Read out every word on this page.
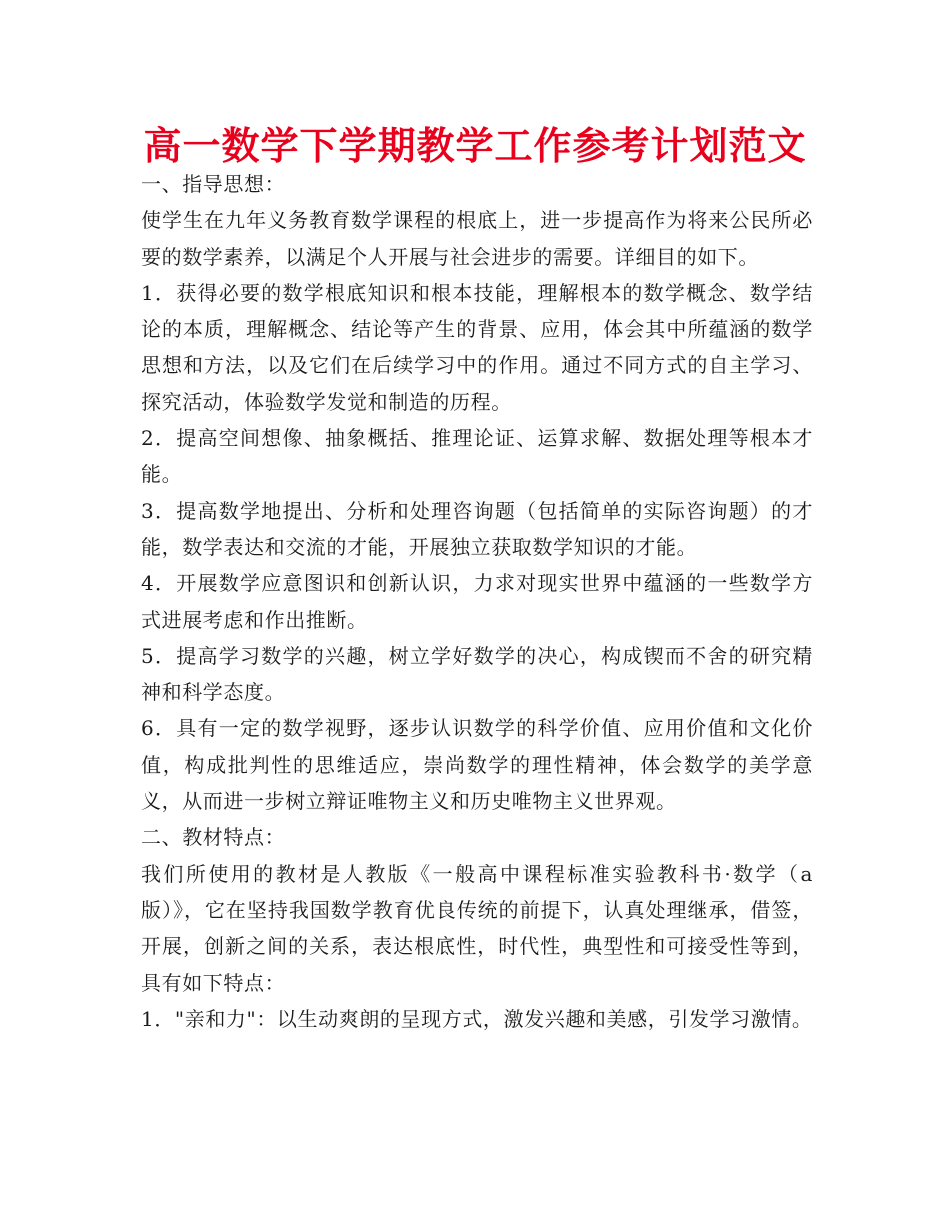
高一数学下学期教学工作参考计划范文

一、指导思想：

使学生在九年义务教育数学课程的根底上，进一步提高作为将来公民所必要的数学素养，以满足个人开展与社会进步的需要。详细目的如下。

1．获得必要的数学根底知识和根本技能，理解根本的数学概念、数学结论的本质，理解概念、结论等产生的背景、应用，体会其中所蕴涵的数学思想和方法，以及它们在后续学习中的作用。通过不同方式的自主学习、探究活动，体验数学发觉和制造的历程。

2．提高空间想像、抽象概括、推理论证、运算求解、数据处理等根本才能。

3．提高数学地提出、分析和处理咨询题（包括简单的实际咨询题）的才能，数学表达和交流的才能，开展独立获取数学知识的才能。

4．开展数学应意图识和创新认识，力求对现实世界中蕴涵的一些数学方式进展考虑和作出推断。

5．提高学习数学的兴趣，树立学好数学的决心，构成锲而不舍的研究精神和科学态度。

6．具有一定的数学视野，逐步认识数学的科学价值、应用价值和文化价值，构成批判性的思维适应，崇尚数学的理性精神，体会数学的美学意义，从而进一步树立辩证唯物主义和历史唯物主义世界观。

二、教材特点：

我们所使用的教材是人教版《一般高中课程标准实验教科书·数学（a版）》，它在坚持我国数学教育优良传统的前提下，认真处理继承，借签，开展，创新之间的关系，表达根底性，时代性，典型性和可接受性等到，具有如下特点：

1．"亲和力"：以生动爽朗的呈现方式，激发兴趣和美感，引发学习激情。
